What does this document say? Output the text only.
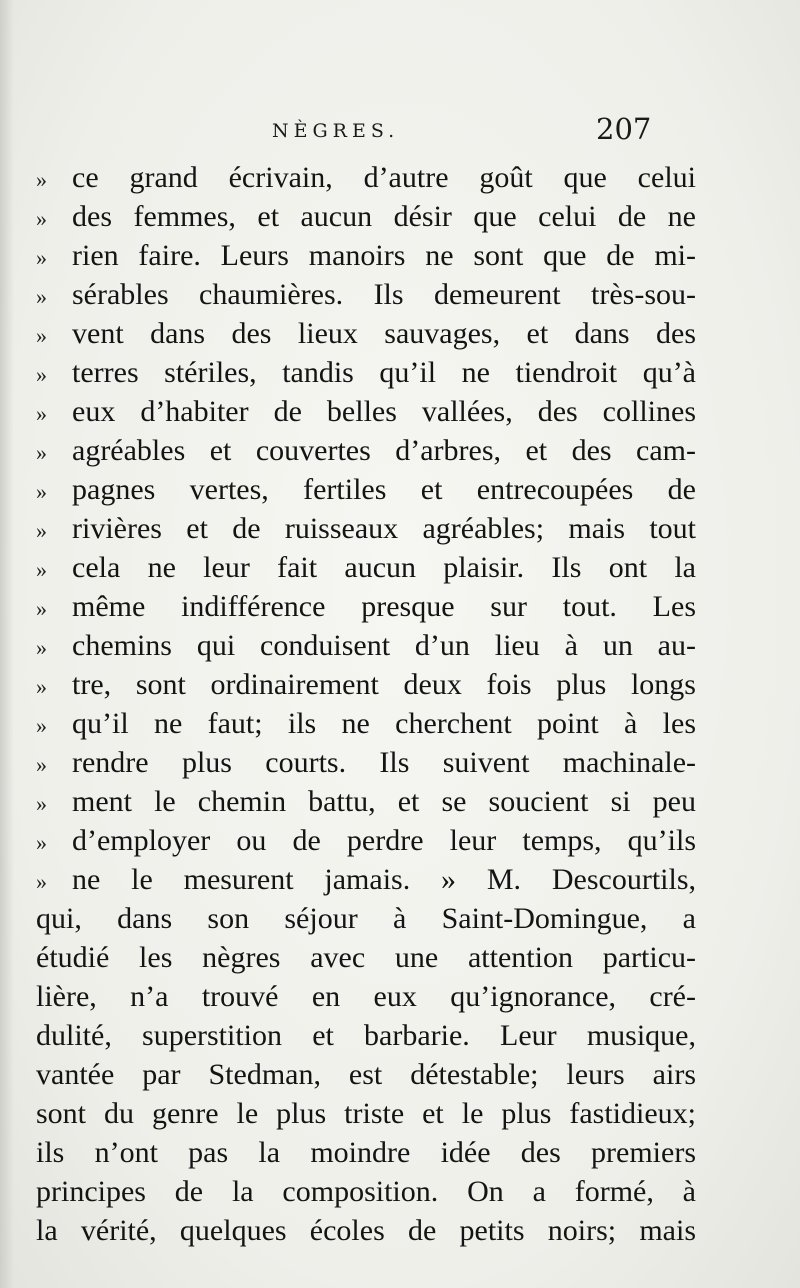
NÈGRES.	207
» ce grand écrivain, d’autre goût que celui
» des femmes, et aucun désir que celui de ne
» rien faire. Leurs manoirs ne sont que de mi-
» sérables chaumières. Ils demeurent très-sou-
» vent dans des lieux sauvages, et dans des
» terres stériles, tandis qu’il ne tiendroit qu’à
» eux d’habiter de belles vallées, des collines
» agréables et couvertes d’arbres, et des cam-
» pagnes vertes, fertiles et entrecoupées de
» rivières et de ruisseaux agréables; mais tout
» cela ne leur fait aucun plaisir. Ils ont la
» même indifférence presque sur tout. Les
» chemins qui conduisent d’un lieu à un au-
» tre, sont ordinairement deux fois plus longs
» qu’il ne faut; ils ne cherchent point à les
» rendre plus courts. Ils suivent machinale-
» ment le chemin battu, et se soucient si peu
» d’employer ou de perdre leur temps, qu’ils
» ne le mesurent jamais. » M. Descourtils,
qui, dans son séjour à Saint-Domingue, a
étudié les nègres avec une attention particu-
lière, n’a trouvé en eux qu’ignorance, cré-
dulité, superstition et barbarie. Leur musique,
vantée par Stedman, est détestable; leurs airs
sont du genre le plus triste et le plus fastidieux;
ils n’ont pas la moindre idée des premiers
principes de la composition. On a formé, à
la vérité, quelques écoles de petits noirs; mais
